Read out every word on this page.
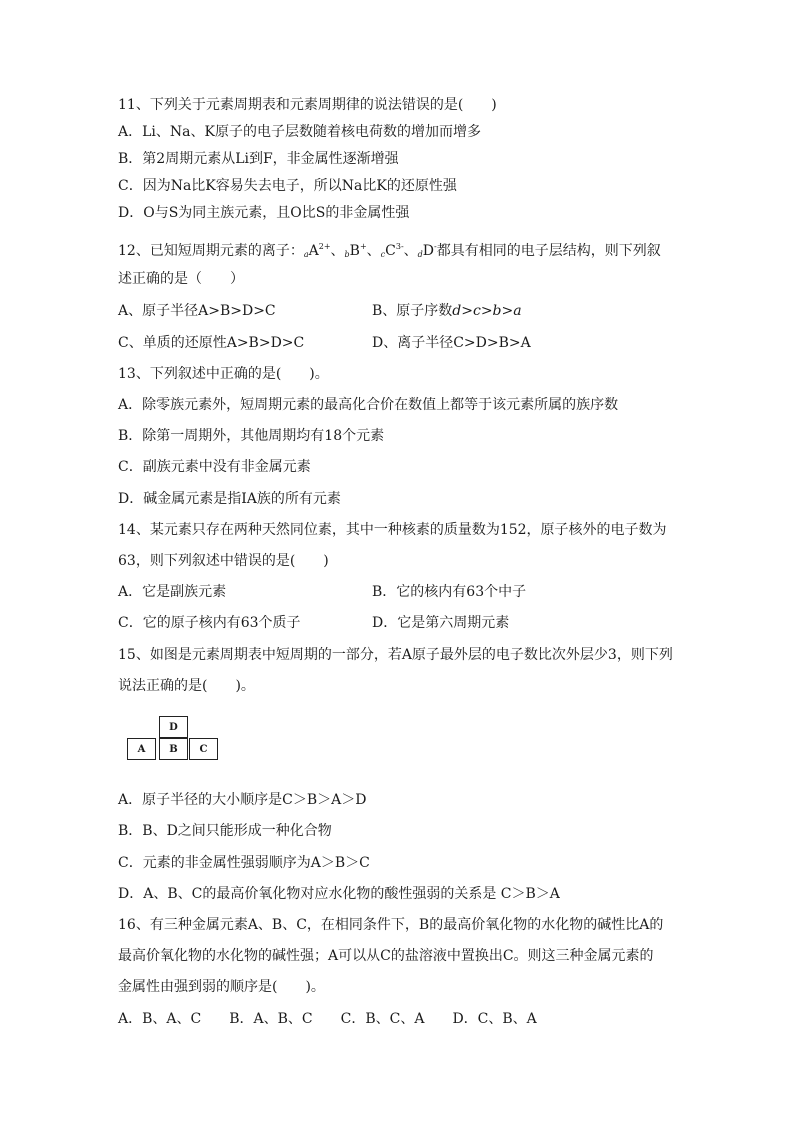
11、下列关于元素周期表和元素周期律的说法错误的是(　　)
A．Li、Na、K原子的电子层数随着核电荷数的增加而增多
B．第2周期元素从Li到F，非金属性逐渐增强
C．因为Na比K容易失去电子，所以Na比K的还原性强
D．O与S为同主族元素，且O比S的非金属性强
12、已知短周期元素的离子：$_aA^{2+}$、$_b$B+、$_cC^{3-}$、$_d$D-都具有相同的电子层结构，则下列叙
述正确的是（　　）
A、原子半径A>B>D>C	B、原子序数d>c>b>a
C、单质的还原性A>B>D>C	D、离子半径C>D>B>A
13、下列叙述中正确的是(　　)。
A．除零族元素外，短周期元素的最高化合价在数值上都等于该元素所属的族序数
B．除第一周期外，其他周期均有18个元素
C．副族元素中没有非金属元素
D．碱金属元素是指ⅠA族的所有元素
14、某元素只存在两种天然同位素，其中一种核素的质量数为152，原子核外的电子数为
63，则下列叙述中错误的是(　　)
A．它是副族元素	B．它的核内有63个中子
C．它的原子核内有63个质子	D．它是第六周期元素
15、如图是元素周期表中短周期的一部分，若A原子最外层的电子数比次外层少3，则下列
说法正确的是(　　)。
D
A	B	C
A．原子半径的大小顺序是C＞B＞A＞D
B．B、D之间只能形成一种化合物
C．元素的非金属性强弱顺序为A＞B＞C
D．A、B、C的最高价氧化物对应水化物的酸性强弱的关系是 C＞B＞A
16、有三种金属元素A、B、C，在相同条件下，B的最高价氧化物的水化物的碱性比A的
最高价氧化物的水化物的碱性强；A可以从C的盐溶液中置换出C。则这三种金属元素的
金属性由强到弱的顺序是(　　)。
A．B、A、C　　B．A、B、C　　C．B、C、A　　D．C、B、A
